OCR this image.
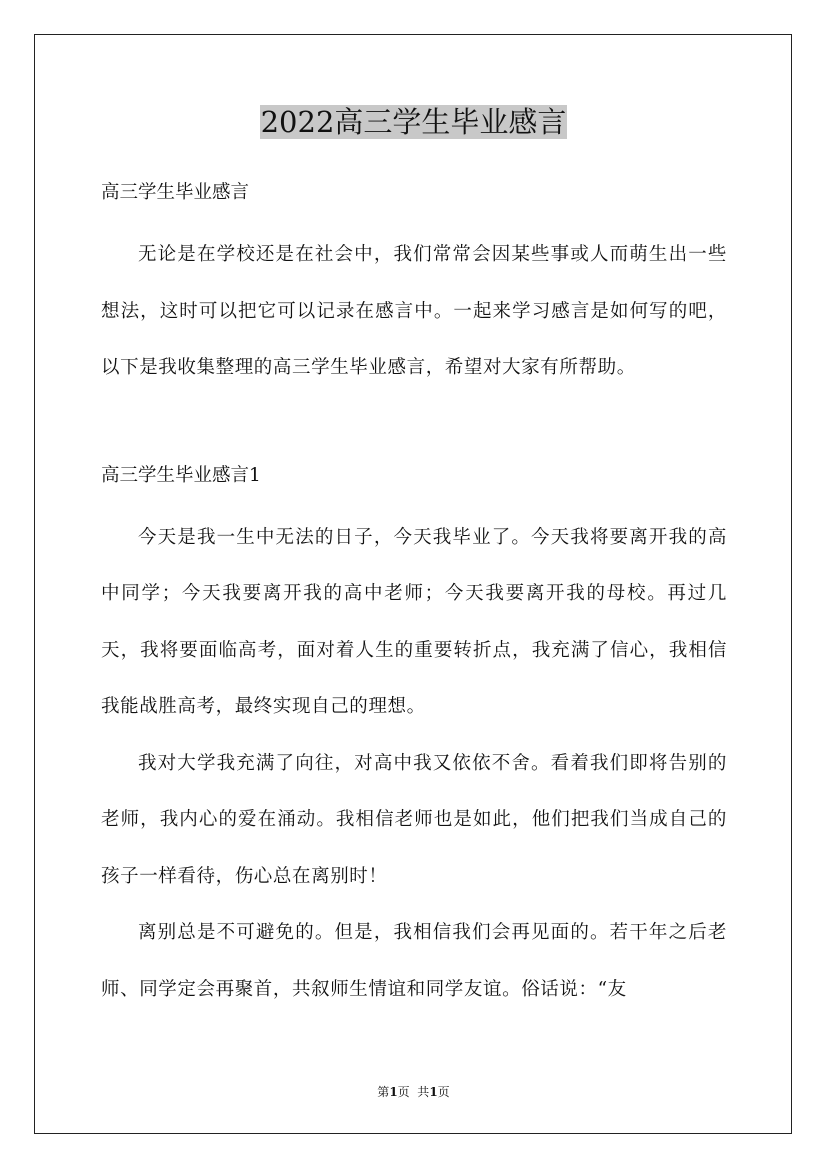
2022高三学生毕业感言

高三学生毕业感言

无论是在学校还是在社会中，我们常常会因某些事或人而萌生出一些想法，这时可以把它可以记录在感言中。一起来学习感言是如何写的吧，以下是我收集整理的高三学生毕业感言，希望对大家有所帮助。

高三学生毕业感言1

今天是我一生中无法的日子，今天我毕业了。今天我将要离开我的高中同学；今天我要离开我的高中老师；今天我要离开我的母校。再过几天，我将要面临高考，面对着人生的重要转折点，我充满了信心，我相信我能战胜高考，最终实现自己的理想。

我对大学我充满了向往，对高中我又依依不舍。看着我们即将告别的老师，我内心的爱在涌动。我相信老师也是如此，他们把我们当成自己的孩子一样看待，伤心总在离别时！

离别总是不可避免的。但是，我相信我们会再见面的。若干年之后老师、同学定会再聚首，共叙师生情谊和同学友谊。俗话说：“友

第1页  共1页
